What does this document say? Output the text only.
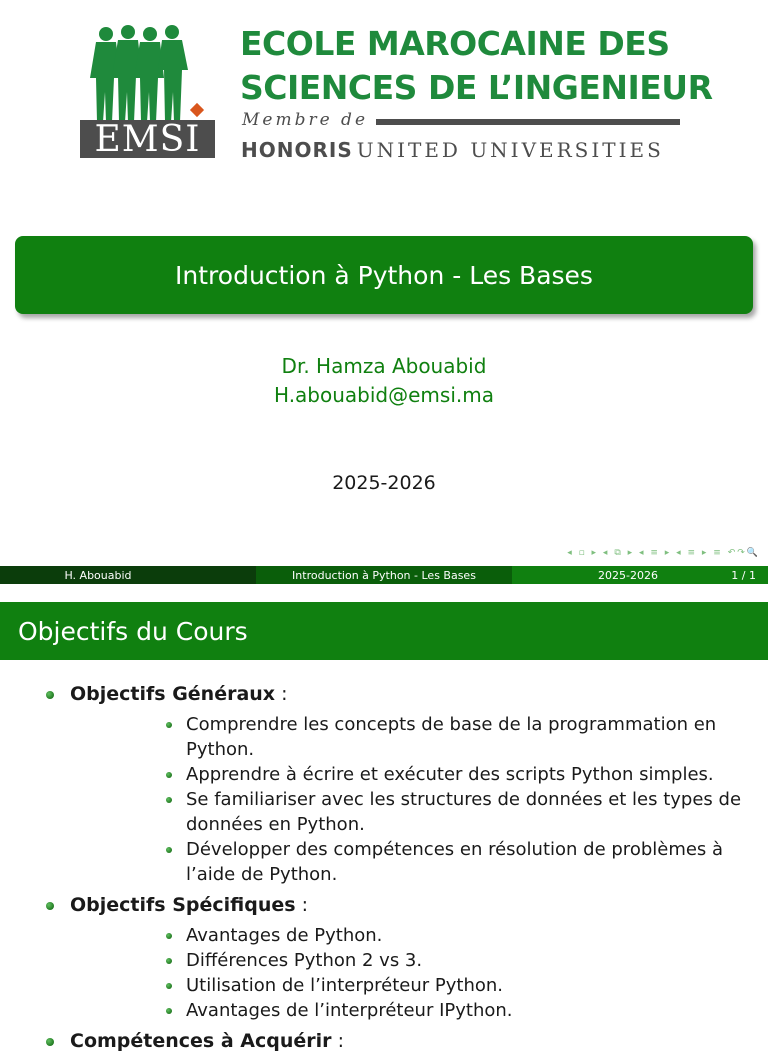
EMSI
ECOLE MAROCAINE DES
SCIENCES DE L’INGENIEUR
Membre de
HONORIS UNITED UNIVERSITIES
Introduction à Python - Les Bases
Dr. Hamza Abouabid
H.abouabid@emsi.ma
2025-2026
◂ ▫ ▸ ◂ ⧉ ▸ ◂ ≡ ▸ ◂ ≡ ▸ ≡ ↶↷🔍
H. Abouabid	Introduction à Python - Les Bases	2025-2026	1 / 1
Objectifs du Cours
Objectifs Généraux :
Comprendre les concepts de base de la programmation en Python.
Apprendre à écrire et exécuter des scripts Python simples.
Se familiariser avec les structures de données et les types de données en Python.
Développer des compétences en résolution de problèmes à l’aide de Python.
Objectifs Spécifiques :
Avantages de Python.
Différences Python 2 vs 3.
Utilisation de l’interpréteur Python.
Avantages de l’interpréteur IPython.
Compétences à Acquérir :
